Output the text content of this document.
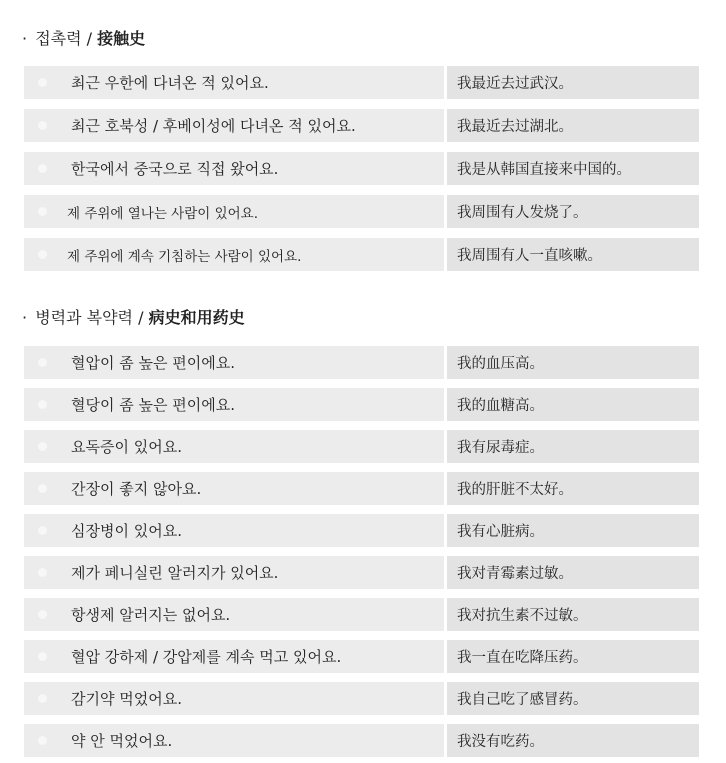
· 접촉력 / 接触史
최근 우한에 다녀온 적 있어요.	我最近去过武汉。
최근 호북성 / 후베이성에 다녀온 적 있어요.	我最近去过湖北。
한국에서 중국으로 직접 왔어요.	我是从韩国直接来中国的。
제 주위에 열나는 사람이 있어요.	我周围有人发烧了。
제 주위에 계속 기침하는 사람이 있어요.	我周围有人一直咳嗽。
· 병력과 복약력 / 病史和用药史
혈압이 좀 높은 편이에요.	我的血压高。
혈당이 좀 높은 편이에요.	我的血糖高。
요독증이 있어요.	我有尿毒症。
간장이 좋지 않아요.	我的肝脏不太好。
심장병이 있어요.	我有心脏病。
제가 페니실린 알러지가 있어요.	我对青霉素过敏。
항생제 알러지는 없어요.	我对抗生素不过敏。
혈압 강하제 / 강압제를 계속 먹고 있어요.	我一直在吃降压药。
감기약 먹었어요.	我自己吃了感冒药。
약 안 먹었어요.	我没有吃药。
